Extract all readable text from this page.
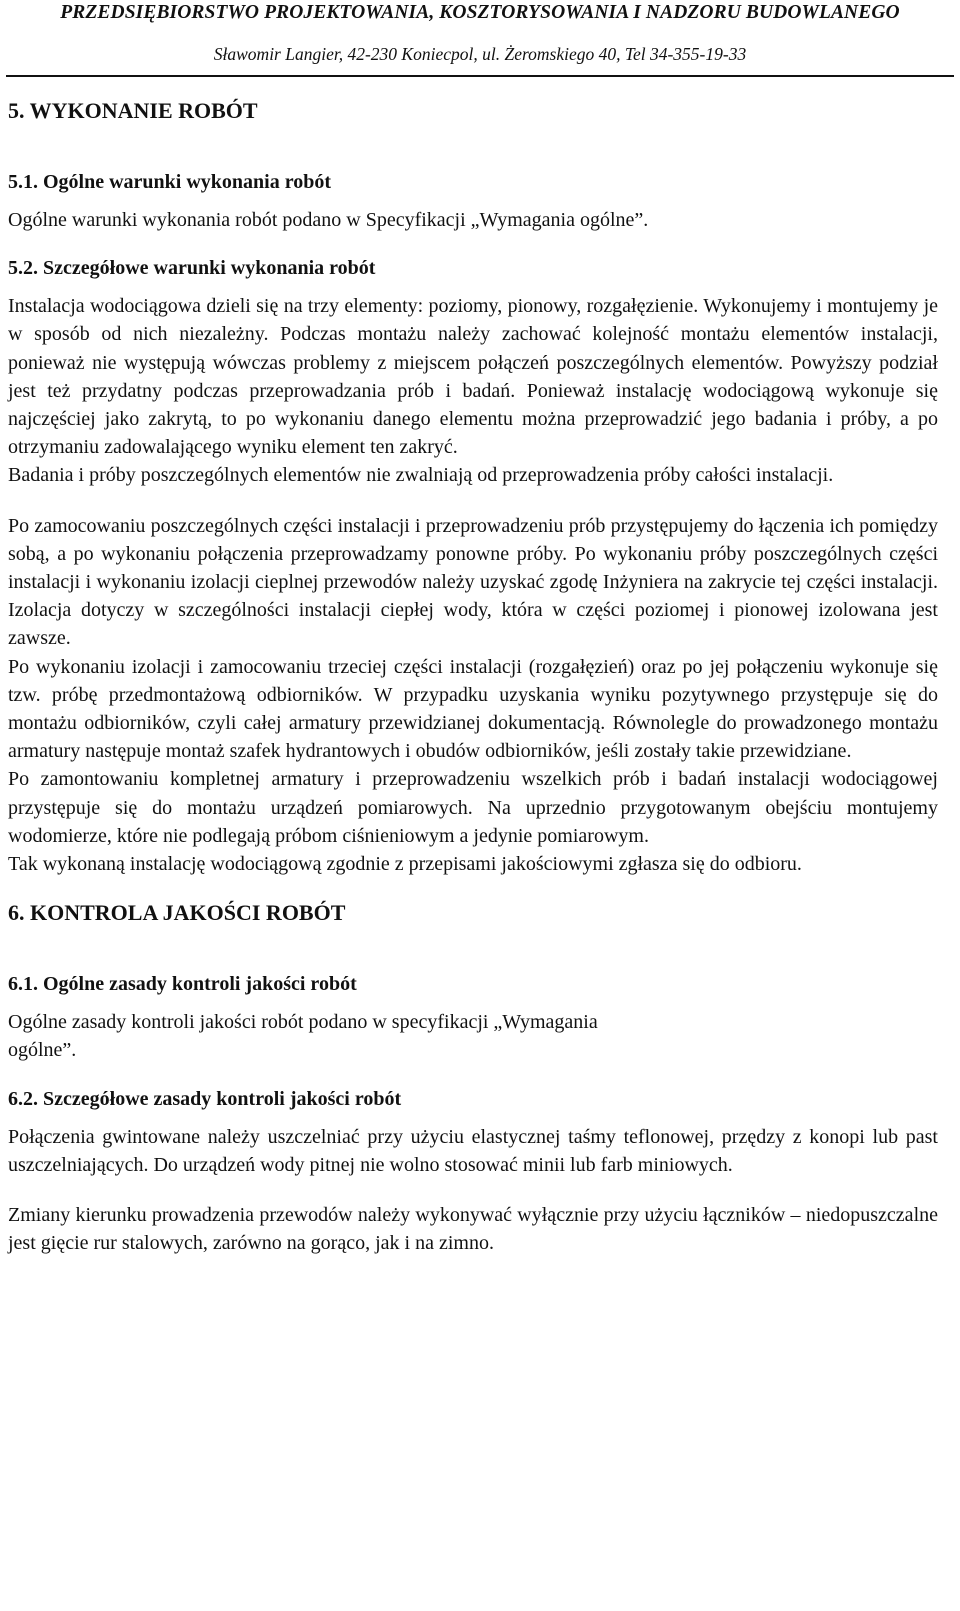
PRZEDSIĘBIORSTWO PROJEKTOWANIA, KOSZTORYSOWANIA I NADZORU BUDOWLANEGO
Sławomir Langier, 42-230 Koniecpol, ul. Żeromskiego 40, Tel 34-355-19-33
5. WYKONANIE ROBÓT
5.1. Ogólne warunki wykonania robót

Ogólne warunki wykonania robót podano w Specyfikacji „Wymagania ogólne”.

5.2. Szczegółowe warunki wykonania robót

Instalacja wodociągowa dzieli się na trzy elementy: poziomy, pionowy, rozgałęzienie. Wykonujemy i montujemy je w sposób od nich niezależny. Podczas montażu należy zachować kolejność montażu elementów instalacji, ponieważ nie występują wówczas problemy z miejscem połączeń poszczególnych elementów. Powyższy podział jest też przydatny podczas przeprowadzania prób i badań. Ponieważ instalację wodociągową wykonuje się najczęściej jako zakrytą, to po wykonaniu danego elementu można przeprowadzić jego badania i próby, a po otrzymaniu zadowalającego wyniku element ten zakryć.

Badania i próby poszczególnych elementów nie zwalniają od przeprowadzenia próby całości instalacji.

Po zamocowaniu poszczególnych części instalacji i przeprowadzeniu prób przystępujemy do łączenia ich pomiędzy sobą, a po wykonaniu połączenia przeprowadzamy ponowne próby. Po wykonaniu próby poszczególnych części instalacji i wykonaniu izolacji cieplnej przewodów należy uzyskać zgodę Inżyniera na zakrycie tej części instalacji. Izolacja dotyczy w szczególności instalacji ciepłej wody, która w części poziomej i pionowej izolowana jest zawsze.

Po wykonaniu izolacji i zamocowaniu trzeciej części instalacji (rozgałęzień) oraz po jej połączeniu wykonuje się tzw. próbę przedmontażową odbiorników. W przypadku uzyskania wyniku pozytywnego przystępuje się do montażu odbiorników, czyli całej armatury przewidzianej dokumentacją. Równolegle do prowadzonego montażu armatury następuje montaż szafek hydrantowych i obudów odbiorników, jeśli zostały takie przewidziane.

Po zamontowaniu kompletnej armatury i przeprowadzeniu wszelkich prób i badań instalacji wodociągowej przystępuje się do montażu urządzeń pomiarowych. Na uprzednio przygotowanym obejściu montujemy wodomierze, które nie podlegają próbom ciśnieniowym a jedynie pomiarowym.

Tak wykonaną instalację wodociągową zgodnie z przepisami jakościowymi zgłasza się do odbioru.

6. KONTROLA JAKOŚCI ROBÓT
6.1. Ogólne zasady kontroli jakości robót

Ogólne zasady kontroli jakości robót podano w specyfikacji „Wymagania

ogólne”.

6.2. Szczegółowe zasady kontroli jakości robót

Połączenia gwintowane należy uszczelniać przy użyciu elastycznej taśmy teflonowej, przędzy z konopi lub past uszczelniających. Do urządzeń wody pitnej nie wolno stosować minii lub farb miniowych.

Zmiany kierunku prowadzenia przewodów należy wykonywać wyłącznie przy użyciu łączników – niedopuszczalne jest gięcie rur stalowych, zarówno na gorąco, jak i na zimno.
